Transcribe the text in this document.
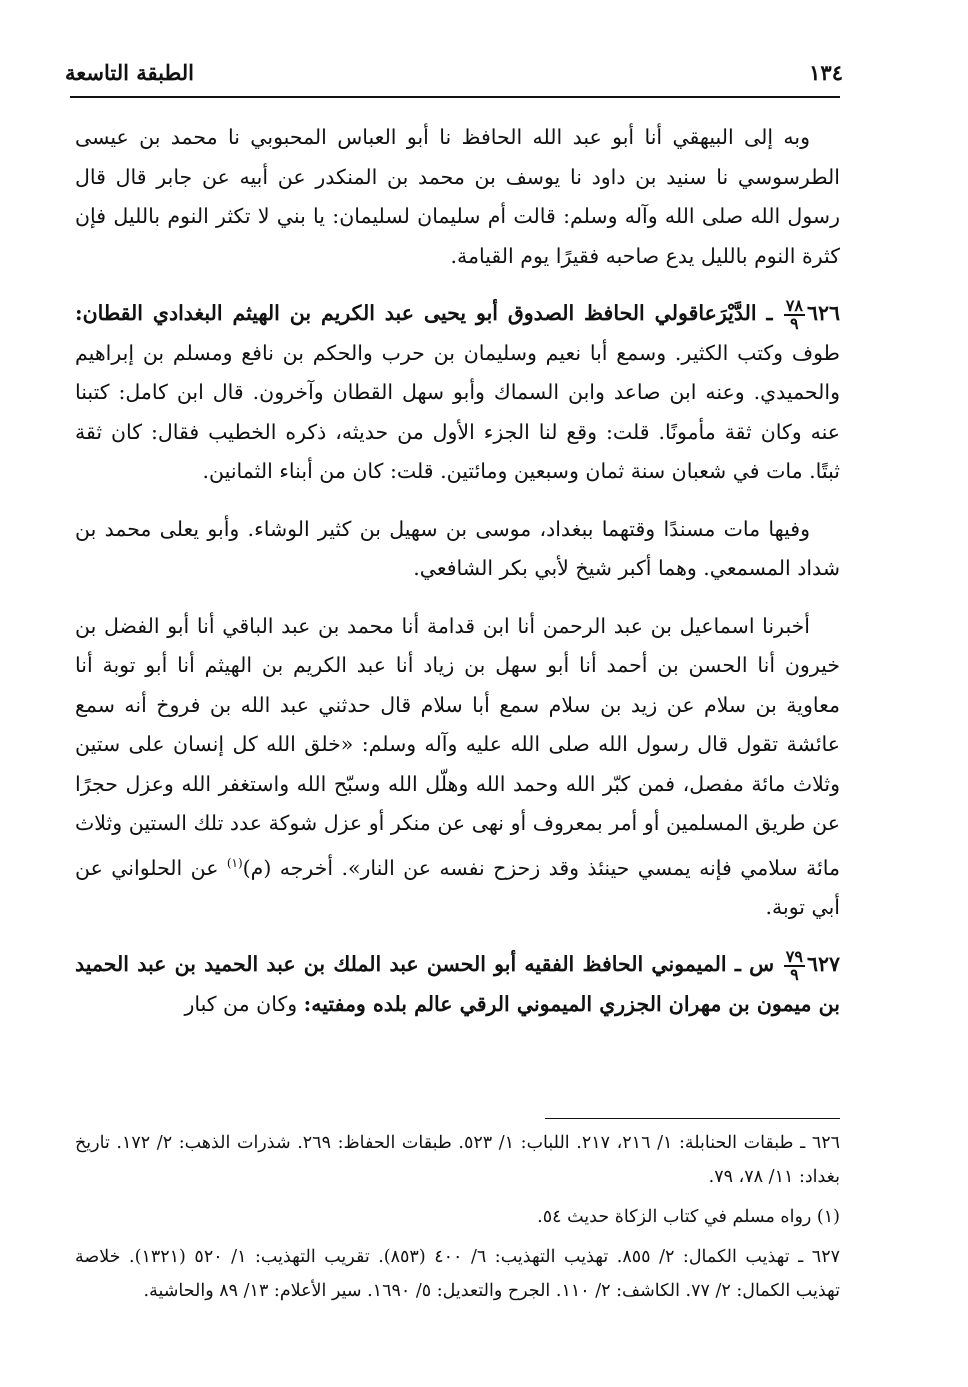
١٣٤
الطبقة التاسعة

وبه إلى البيهقي أنا أبو عبد الله الحافظ نا أبو العباس المحبوبي نا محمد بن عيسى الطرسوسي نا سنيد بن داود نا يوسف بن محمد بن المنكدر عن أبيه عن جابر قال قال رسول الله صلى الله وآله وسلم: قالت أم سليمان لسليمان: يا بني لا تكثر النوم بالليل فإن كثرة النوم بالليل يدع صاحبه فقيرًا يوم القيامة.

٦٢٦
$\frac{٧٨}{٩}$
ـ الدَّيْرَعاقولي الحافظ الصدوق أبو يحيى عبد الكريم بن الهيثم البغدادي القطان: طوف وكتب الكثير. وسمع أبا نعيم وسليمان بن حرب والحكم بن نافع ومسلم بن إبراهيم والحميدي. وعنه ابن صاعد وابن السماك وأبو سهل القطان وآخرون. قال ابن كامل: كتبنا عنه وكان ثقة مأمونًا. قلت: وقع لنا الجزء الأول من حديثه، ذكره الخطيب فقال: كان ثقة ثبتًا. مات في شعبان سنة ثمان وسبعين ومائتين. قلت: كان من أبناء الثمانين.

وفيها مات مسندًا وقتهما ببغداد، موسى بن سهيل بن كثير الوشاء. وأبو يعلى محمد بن شداد المسمعي. وهما أكبر شيخ لأبي بكر الشافعي.

أخبرنا اسماعيل بن عبد الرحمن أنا ابن قدامة أنا محمد بن عبد الباقي أنا أبو الفضل بن خيرون أنا الحسن بن أحمد أنا أبو سهل بن زياد أنا عبد الكريم بن الهيثم أنا أبو توبة أنا معاوية بن سلام عن زيد بن سلام سمع أبا سلام قال حدثني عبد الله بن فروخ أنه سمع عائشة تقول قال رسول الله صلى الله عليه وآله وسلم: «خلق الله كل إنسان على ستين وثلاث مائة مفصل، فمن كبّر الله وحمد الله وهلّل الله وسبّح الله واستغفر الله وعزل حجرًا عن طريق المسلمين أو أمر بمعروف أو نهى عن منكر أو عزل شوكة عدد تلك الستين وثلاث مائة سلامي فإنه يمسي حينئذ وقد زحزح نفسه عن النار». أخرجه (م)$^{(١)}$ عن الحلواني عن أبي توبة.

٦٢٧
$\frac{٧٩}{٩}$
س ـ الميموني الحافظ الفقيه أبو الحسن عبد الملك بن عبد الحميد بن عبد الحميد بن ميمون بن مهران الجزري الميموني الرقي عالم بلده ومفتيه: وكان من كبار

٦٢٦ ـ طبقات الحنابلة: ١/ ٢١٦، ٢١٧. اللباب: ١/ ٥٢٣. طبقات الحفاظ: ٢٦٩. شذرات الذهب: ٢/ ١٧٢. تاريخ بغداد: ١١/ ٧٨، ٧٩.

(١) رواه مسلم في كتاب الزكاة حديث ٥٤.

٦٢٧ ـ تهذيب الكمال: ٢/ ٨٥٥. تهذيب التهذيب: ٦/ ٤٠٠ (٨٥٣). تقريب التهذيب: ١/ ٥٢٠ (١٣٢١). خلاصة تهذيب الكمال: ٢/ ٧٧. الكاشف: ٢/ ١١٠. الجرح والتعديل: ٥/ ١٦٩٠. سير الأعلام: ١٣/ ٨٩ والحاشية.
